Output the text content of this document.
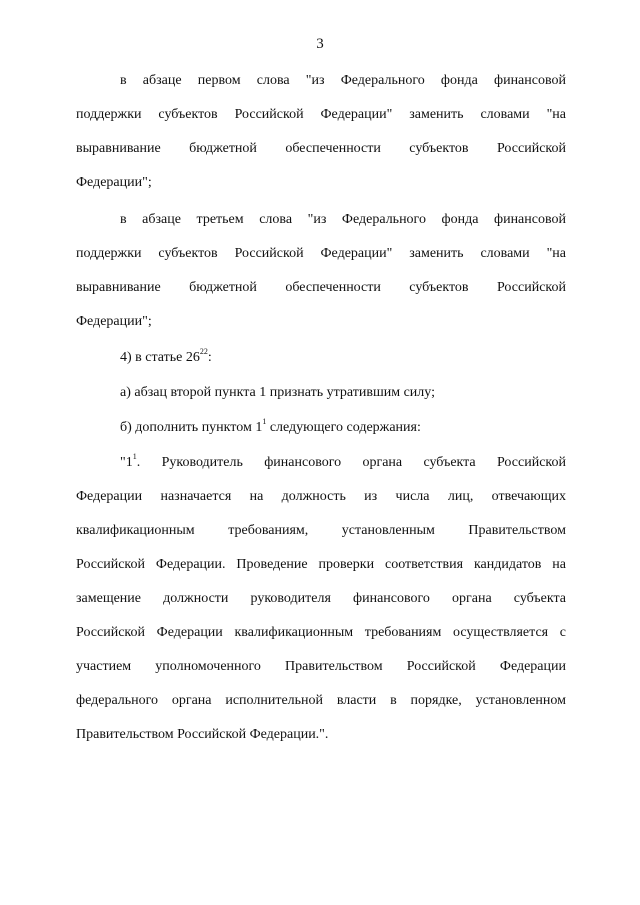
3
в абзаце первом слова "из Федерального фонда финансовой
поддержки субъектов Российской Федерации" заменить словами "на
выравнивание бюджетной обеспеченности субъектов Российской
Федерации";
в абзаце третьем слова "из Федерального фонда финансовой
поддержки субъектов Российской Федерации" заменить словами "на
выравнивание бюджетной обеспеченности субъектов Российской
Федерации";
4) в статье $26^{22}$:
а) абзац второй пункта 1 признать утратившим силу;
б) дополнить пунктом $1^1$ следующего содержания:
"$1^1$. Руководитель финансового органа субъекта Российской
Федерации назначается на должность из числа лиц, отвечающих
квалификационным требованиям, установленным Правительством
Российской Федерации. Проведение проверки соответствия кандидатов на
замещение должности руководителя финансового органа субъекта
Российской Федерации квалификационным требованиям осуществляется с
участием уполномоченного Правительством Российской Федерации
федерального органа исполнительной власти в порядке, установленном
Правительством Российской Федерации.".
